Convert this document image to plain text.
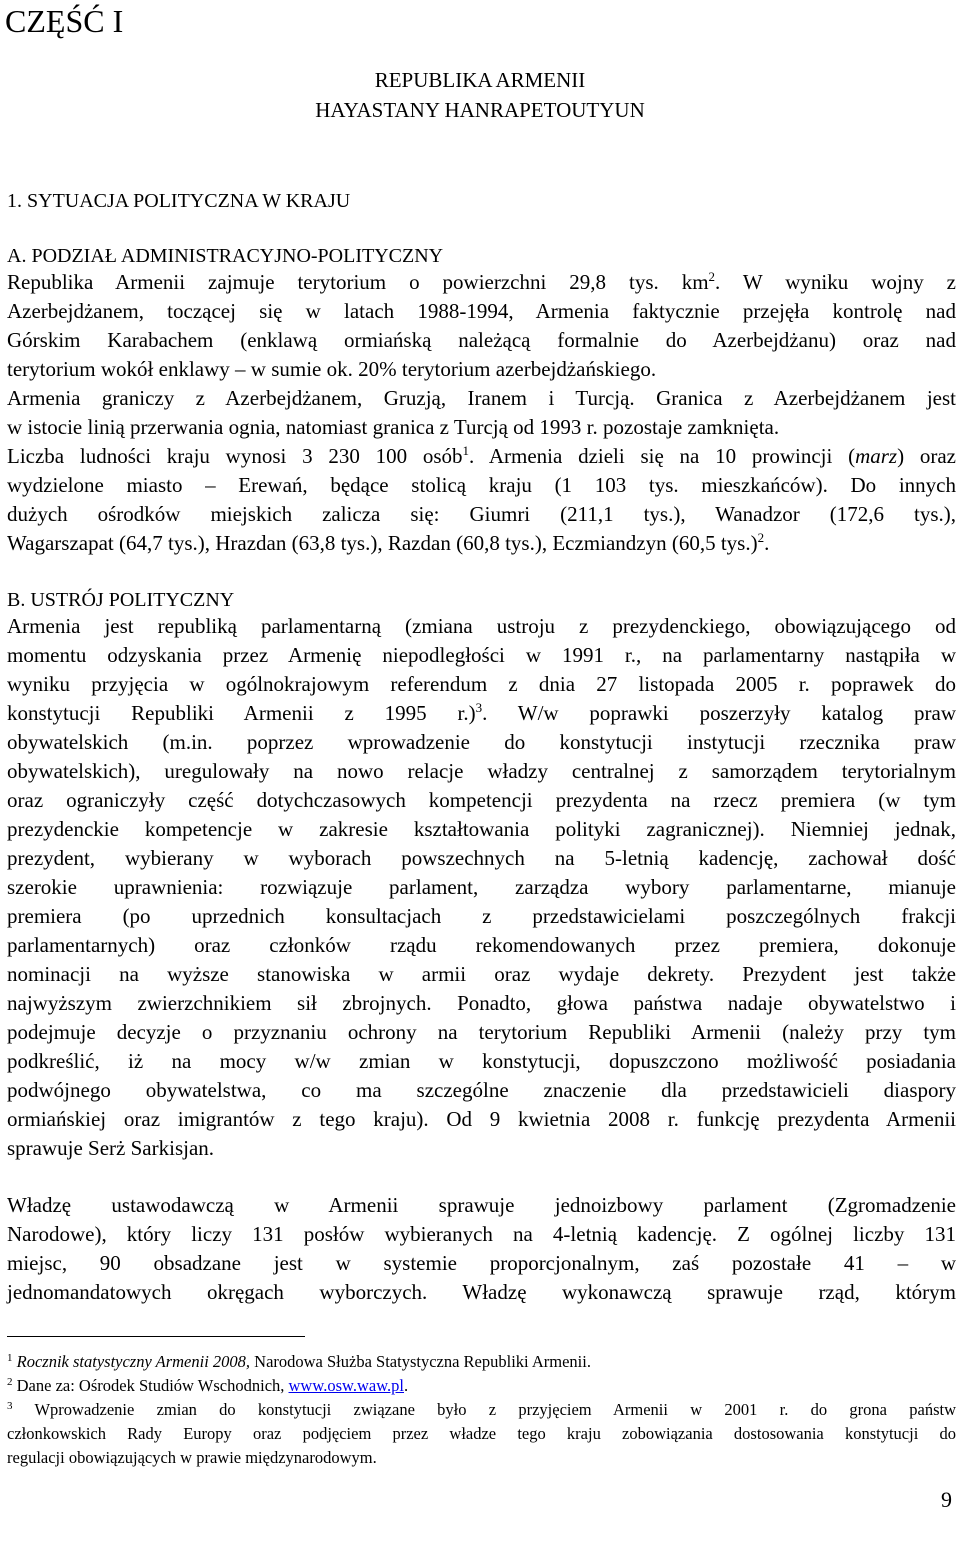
CZĘŚĆ I
REPUBLIKA ARMENII
HAYASTANY HANRAPETOUTYUN
1. SYTUACJA POLITYCZNA W KRAJU
A. PODZIAŁ ADMINISTRACYJNO-POLITYCZNY
Republika Armenii zajmuje terytorium o powierzchni 29,8 tys. $km^2$. W wyniku wojny z
Azerbejdżanem, toczącej się w latach 1988-1994, Armenia faktycznie przejęła kontrolę nad
Górskim Karabachem (enklawą ormiańską należącą formalnie do Azerbejdżanu) oraz nad
terytorium wokół enklawy – w sumie ok. 20% terytorium azerbejdżańskiego.
Armenia graniczy z Azerbejdżanem, Gruzją, Iranem i Turcją. Granica z Azerbejdżanem jest
w istocie linią przerwania ognia, natomiast granica z Turcją od 1993 r. pozostaje zamknięta.
Liczba ludności kraju wynosi 3 230 100 osób$^1$. Armenia dzieli się na 10 prowincji (marz) oraz
wydzielone miasto – Erewań, będące stolicą kraju (1 103 tys. mieszkańców). Do innych
dużych ośrodków miejskich zalicza się: Giumri (211,1 tys.), Wanadzor (172,6 tys.),
Wagarszapat (64,7 tys.), Hrazdan (63,8 tys.), Razdan (60,8 tys.), Eczmiandzyn (60,5 tys.)$^2$.
B. USTRÓJ POLITYCZNY
Armenia jest republiką parlamentarną (zmiana ustroju z prezydenckiego, obowiązującego od
momentu odzyskania przez Armenię niepodległości w 1991 r., na parlamentarny nastąpiła w
wyniku przyjęcia w ogólnokrajowym referendum z dnia 27 listopada 2005 r. poprawek do
konstytucji Republiki Armenii z 1995 r.)$^3$. W/w poprawki poszerzyły katalog praw
obywatelskich (m.in. poprzez wprowadzenie do konstytucji instytucji rzecznika praw
obywatelskich), uregulowały na nowo relacje władzy centralnej z samorządem terytorialnym
oraz ograniczyły część dotychczasowych kompetencji prezydenta na rzecz premiera (w tym
prezydenckie kompetencje w zakresie kształtowania polityki zagranicznej). Niemniej jednak,
prezydent, wybierany w wyborach powszechnych na 5-letnią kadencję, zachował dość
szerokie uprawnienia: rozwiązuje parlament, zarządza wybory parlamentarne, mianuje
premiera (po uprzednich konsultacjach z przedstawicielami poszczególnych frakcji
parlamentarnych) oraz członków rządu rekomendowanych przez premiera, dokonuje
nominacji na wyższe stanowiska w armii oraz wydaje dekrety. Prezydent jest także
najwyższym zwierzchnikiem sił zbrojnych. Ponadto, głowa państwa nadaje obywatelstwo i
podejmuje decyzje o przyznaniu ochrony na terytorium Republiki Armenii (należy przy tym
podkreślić, iż na mocy w/w zmian w konstytucji, dopuszczono możliwość posiadania
podwójnego obywatelstwa, co ma szczególne znaczenie dla przedstawicieli diaspory
ormiańskiej oraz imigrantów z tego kraju). Od 9 kwietnia 2008 r. funkcję prezydenta Armenii
sprawuje Serż Sarkisjan.
Władzę ustawodawczą w Armenii sprawuje jednoizbowy parlament (Zgromadzenie
Narodowe), który liczy 131 posłów wybieranych na 4-letnią kadencję. Z ogólnej liczby 131
miejsc, 90 obsadzane jest w systemie proporcjonalnym, zaś pozostałe 41 – w
jednomandatowych okręgach wyborczych. Władzę wykonawczą sprawuje rząd, którym
$^1$ Rocznik statystyczny Armenii 2008, Narodowa Służba Statystyczna Republiki Armenii.
$^2$ Dane za: Ośrodek Studiów Wschodnich, www.osw.waw.pl.
$^3$ Wprowadzenie zmian do konstytucji związane było z przyjęciem Armenii w 2001 r. do grona państw
członkowskich Rady Europy oraz podjęciem przez władze tego kraju zobowiązania dostosowania konstytucji do
regulacji obowiązujących w prawie międzynarodowym.
9
